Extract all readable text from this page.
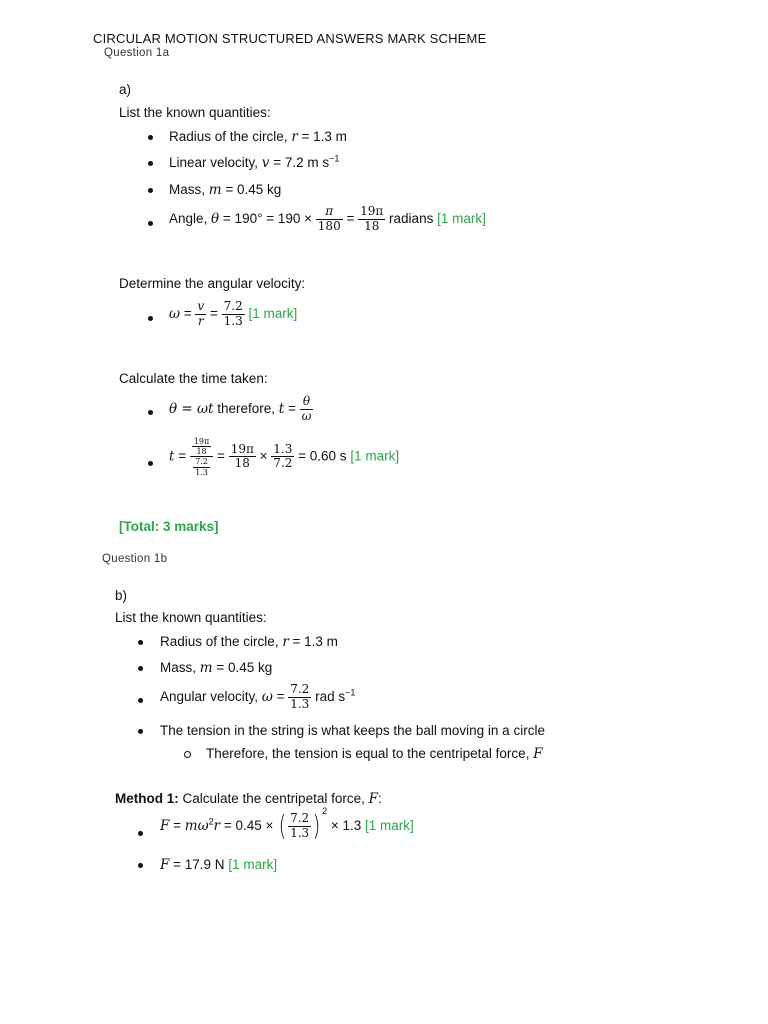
CIRCULAR MOTION STRUCTURED ANSWERS MARK SCHEME
Question 1a
a)
List the known quantities:
Radius of the circle, r = 1.3 m
Linear velocity, v = 7.2 m $s^{-1}$
Mass, m = 0.45 kg
Angle, $\theta = 190^\circ = 190 \times \frac{\pi}{180} = \frac{19\pi}{18}$ radians [1 mark]
Determine the angular velocity:
$\omega = \frac{v}{r} = \frac{7.2}{1.3} [1$ mark]
Calculate the time taken:
θ = ωt therefore, $t = \frac{\theta}{\omega}$
$t = \frac{\frac{19\pi}{18}}{\frac{7.2}{1.3}} = \frac{19\pi}{18} \times \frac{1.3}{7.2} = 0.60$ s [1 mark]
[Total: 3 marks]
Question 1b
b)
List the known quantities:
Radius of the circle, r = 1.3 m
Mass, m = 0.45 kg
Angular velocity, $\omega = \frac{7.2}{1.3}$ rad $s^{-1}$
The tension in the string is what keeps the ball moving in a circle
Therefore, the tension is equal to the centripetal force, F
Method 1: Calculate the centripetal force, F:
$F = m\omega^2r = 0.45$ × ( $\frac{7.2}{1.3}$ ) $^2$ × 1.3 [1 mark]
F = 17.9 N [1 mark]
